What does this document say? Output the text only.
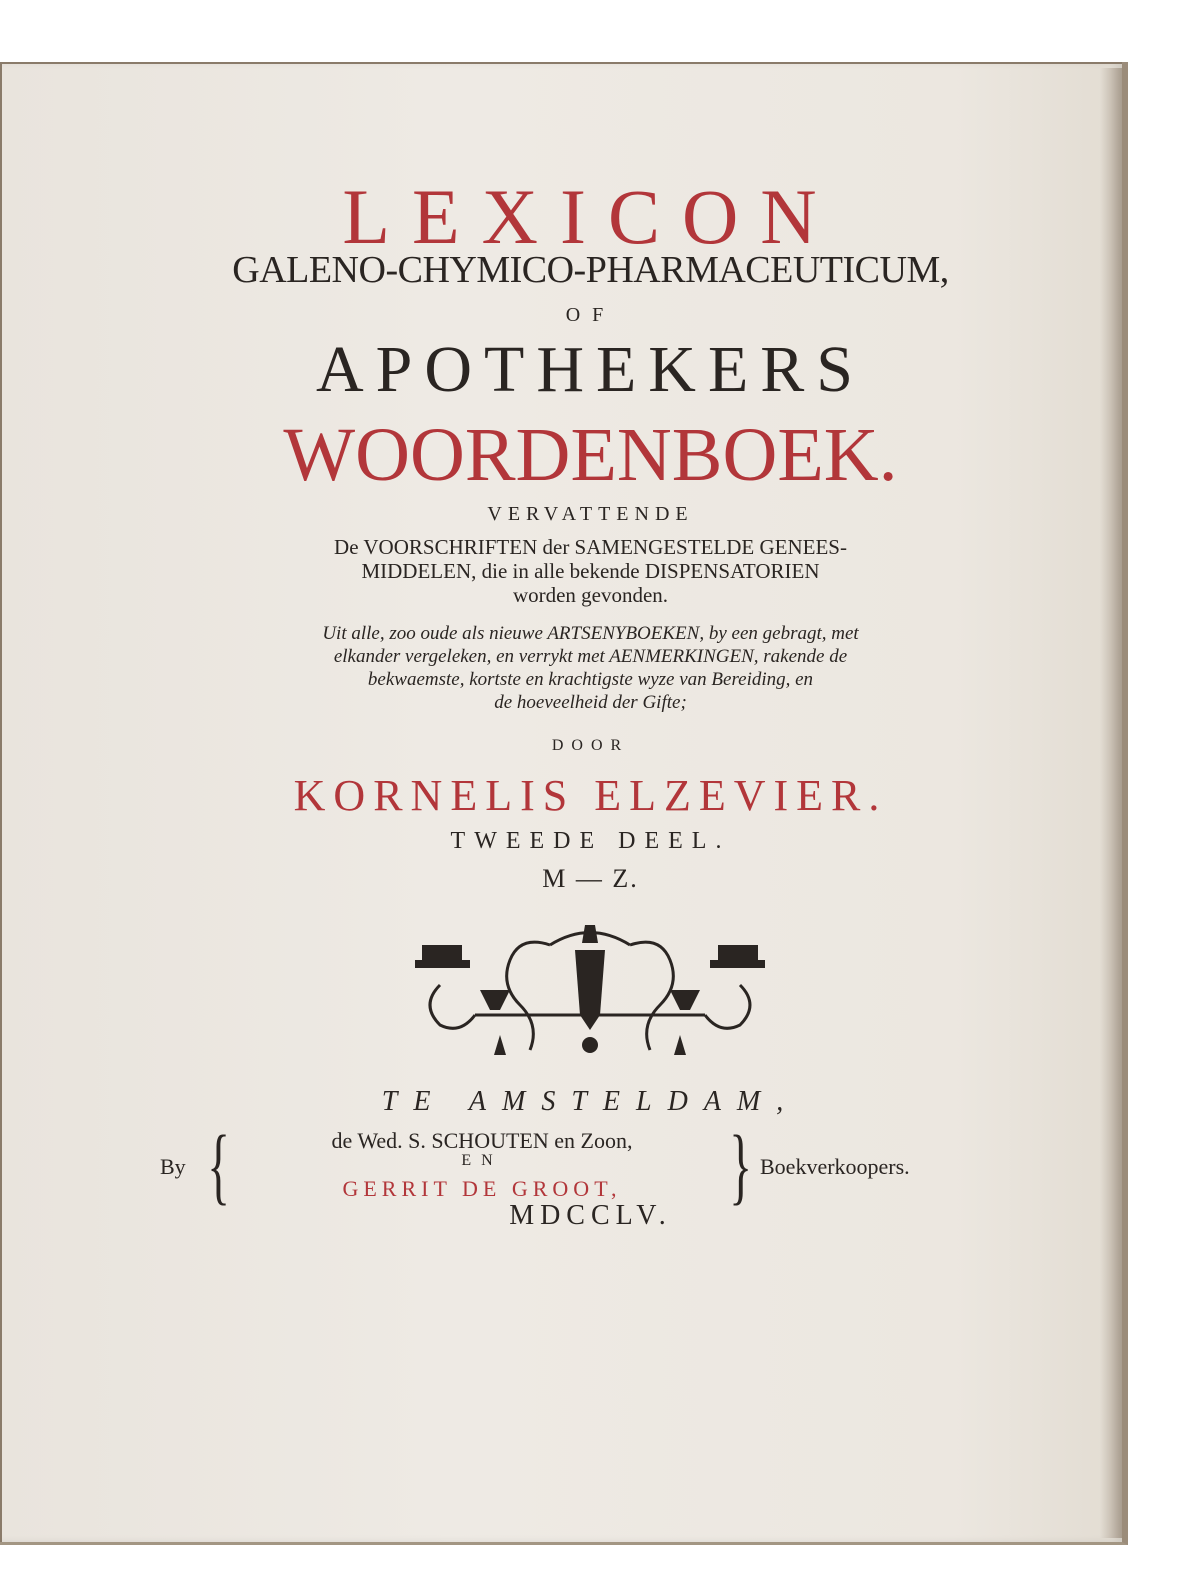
LEXICON
GALENO-CHYMICO-PHARMACEUTICUM,
OF
APOTHEKERS
WOORDENBOEK.
VERVATTENDE
De VOORSCHRIFTEN der SAMENGESTELDE GENEES-
MIDDELEN, die in alle bekende DISPENSATORIEN
worden gevonden.
Uit alle, zoo oude als nieuwe ARTSENYBOEKEN, by een gebragt, met
elkander vergeleken, en verrykt met AENMERKINGEN, rakende de
bekwaemste, kortste en krachtigste wyze van Bereiding, en
de hoeveelheid der Gifte;
DOOR
KORNELIS ELZEVIER.
TWEEDE DEEL.
M — Z.
TE AMSTELDAM,
By {	de Wed. S. SCHOUTEN en Zoon,
EN
GERRIT DE GROOT,	} Boekverkoopers.
MDCCLV.
